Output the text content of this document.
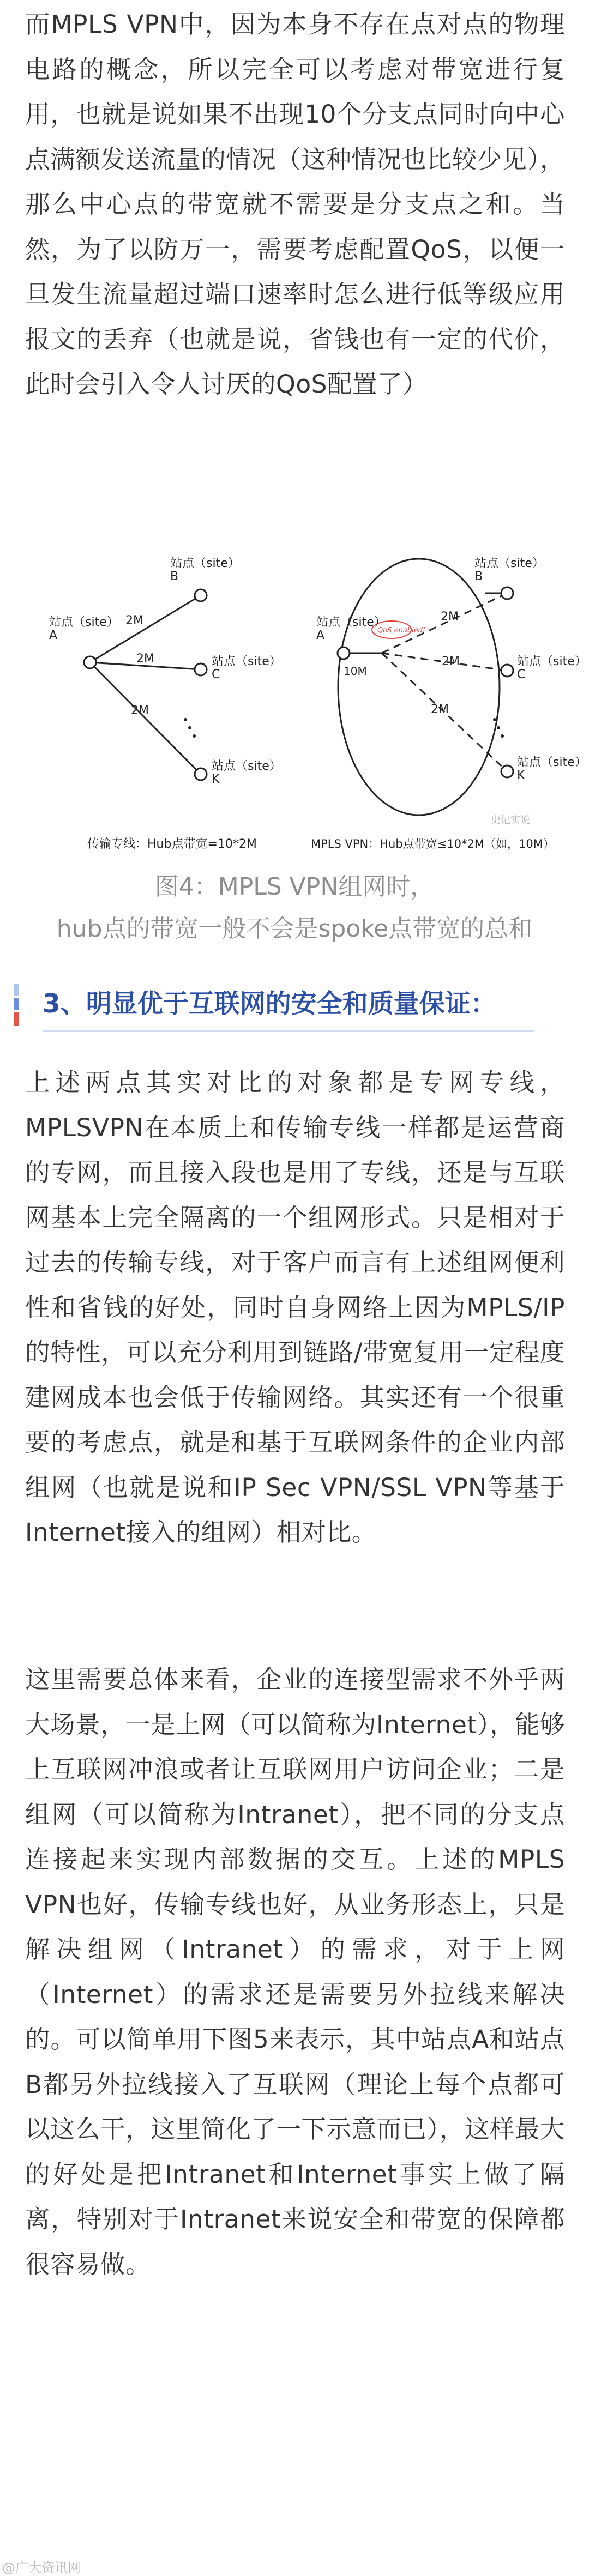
而MPLS VPN中，因为本身不存在点对点的物理电路的概念，所以完全可以考虑对带宽进行复用，也就是说如果不出现10个分支点同时向中心点满额发送流量的情况（这种情况也比较少见），那么中心点的带宽就不需要是分支点之和。当然，为了以防万一，需要考虑配置QoS，以便一旦发生流量超过端口速率时怎么进行低等级应用报文的丢弃（也就是说，省钱也有一定的代价，此时会引入令人讨厌的QoS配置了）

站点（site） A
站点（site） B
站点（site） C
站点（site） K
2M
2M
2M
传输专线：Hub点带宽=10*2M
站点（site） A
站点（site） B
站点（site） C
站点（site） K
QoS enabled!
10M
2M
2M
2M
MPLS VPN：Hub点带宽≤10*2M（如，10M）
史记实说

图4：MPLS VPN组网时，

hub点的带宽一般不会是spoke点带宽的总和

3、明显优于互联网的安全和质量保证：

上述两点其实对比的对象都是专网专线，MPLSVPN在本质上和传输专线一样都是运营商的专网，而且接入段也是用了专线，还是与互联网基本上完全隔离的一个组网形式。只是相对于过去的传输专线，对于客户而言有上述组网便利性和省钱的好处，同时自身网络上因为MPLS/IP的特性，可以充分利用到链路/带宽复用一定程度建网成本也会低于传输网络。其实还有一个很重要的考虑点，就是和基于互联网条件的企业内部组网（也就是说和IP Sec VPN/SSL VPN等基于Internet接入的组网）相对比。

这里需要总体来看，企业的连接型需求不外乎两大场景，一是上网（可以简称为Internet），能够上互联网冲浪或者让互联网用户访问企业；二是组网（可以简称为Intranet），把不同的分支点连接起来实现内部数据的交互。上述的MPLS VPN也好，传输专线也好，从业务形态上，只是解决组网（Intranet）的需求，对于上网（Internet）的需求还是需要另外拉线来解决的。可以简单用下图5来表示，其中站点A和站点B都另外拉线接入了互联网（理论上每个点都可以这么干，这里简化了一下示意而已），这样最大的好处是把Intranet和Internet事实上做了隔离，特别对于Intranet来说安全和带宽的保障都很容易做。

@广大资讯网
